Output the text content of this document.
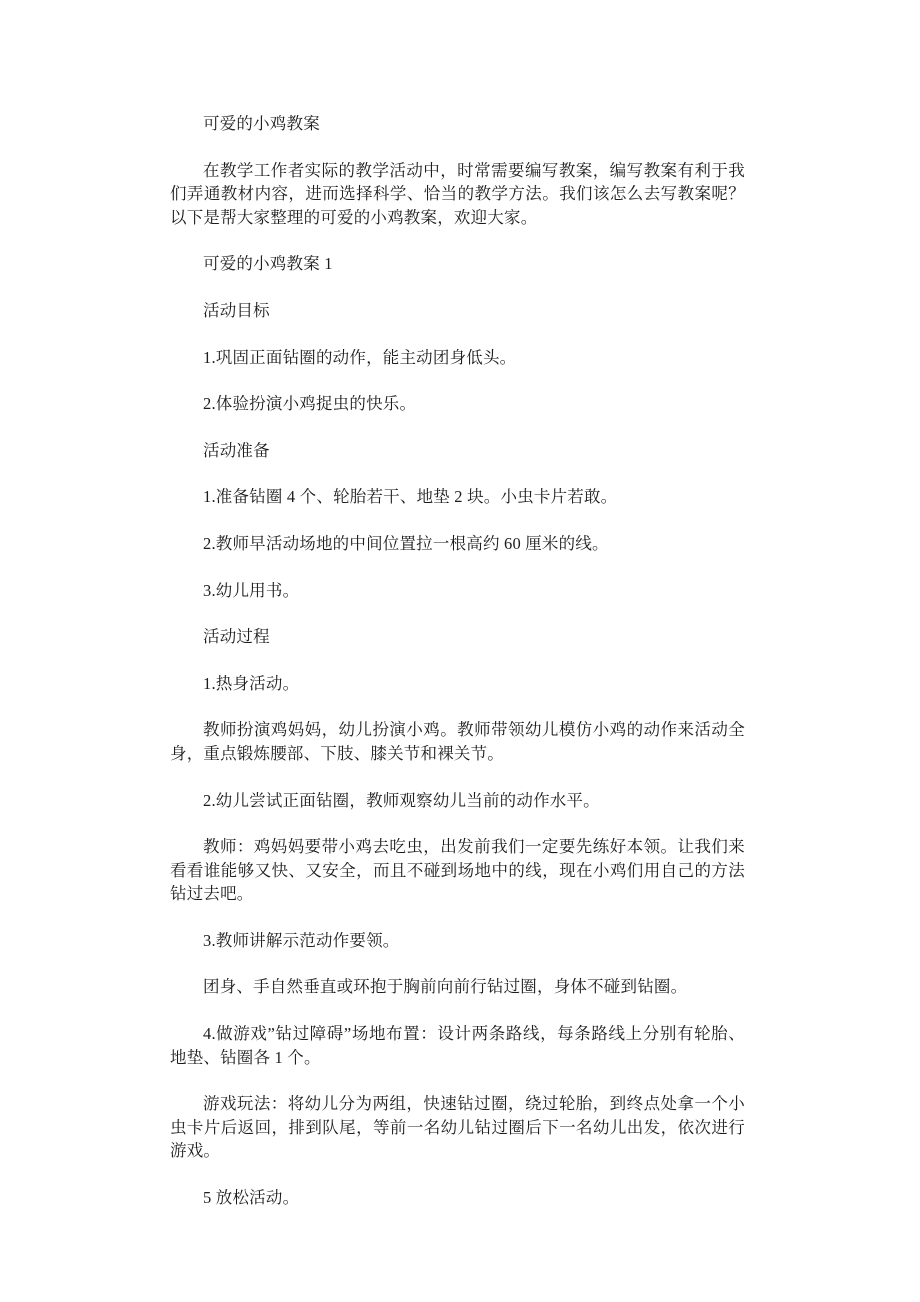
可爱的小鸡教案

在教学工作者实际的教学活动中，时常需要编写教案，编写教案有利于我们弄通教材内容，进而选择科学、恰当的教学方法。我们该怎么去写教案呢？以下是帮大家整理的可爱的小鸡教案，欢迎大家。

可爱的小鸡教案 1

活动目标

1.巩固正面钻圈的动作，能主动团身低头。

2.体验扮演小鸡捉虫的快乐。

活动准备

1.准备钻圈 4 个、轮胎若干、地垫 2 块。小虫卡片若敢。

2.教师早活动场地的中间位置拉一根高约 60 厘米的线。

3.幼儿用书。

活动过程

1.热身活动。

教师扮演鸡妈妈，幼儿扮演小鸡。教师带领幼儿模仿小鸡的动作来活动全身，重点锻炼腰部、下肢、膝关节和裸关节。

2.幼儿尝试正面钻圈，教师观察幼儿当前的动作水平。

教师：鸡妈妈要带小鸡去吃虫，出发前我们一定要先练好本领。让我们来看看谁能够又快、又安全，而且不碰到场地中的线，现在小鸡们用自己的方法钻过去吧。

3.教师讲解示范动作要领。

团身、手自然垂直或环抱于胸前向前行钻过圈，身体不碰到钻圈。

4.做游戏”钻过障碍”场地布置：设计两条路线，每条路线上分别有轮胎、地垫、钻圈各 1 个。

游戏玩法：将幼儿分为两组，快速钻过圈，绕过轮胎，到终点处拿一个小虫卡片后返回，排到队尾，等前一名幼儿钻过圈后下一名幼儿出发，依次进行游戏。

5 放松活动。
